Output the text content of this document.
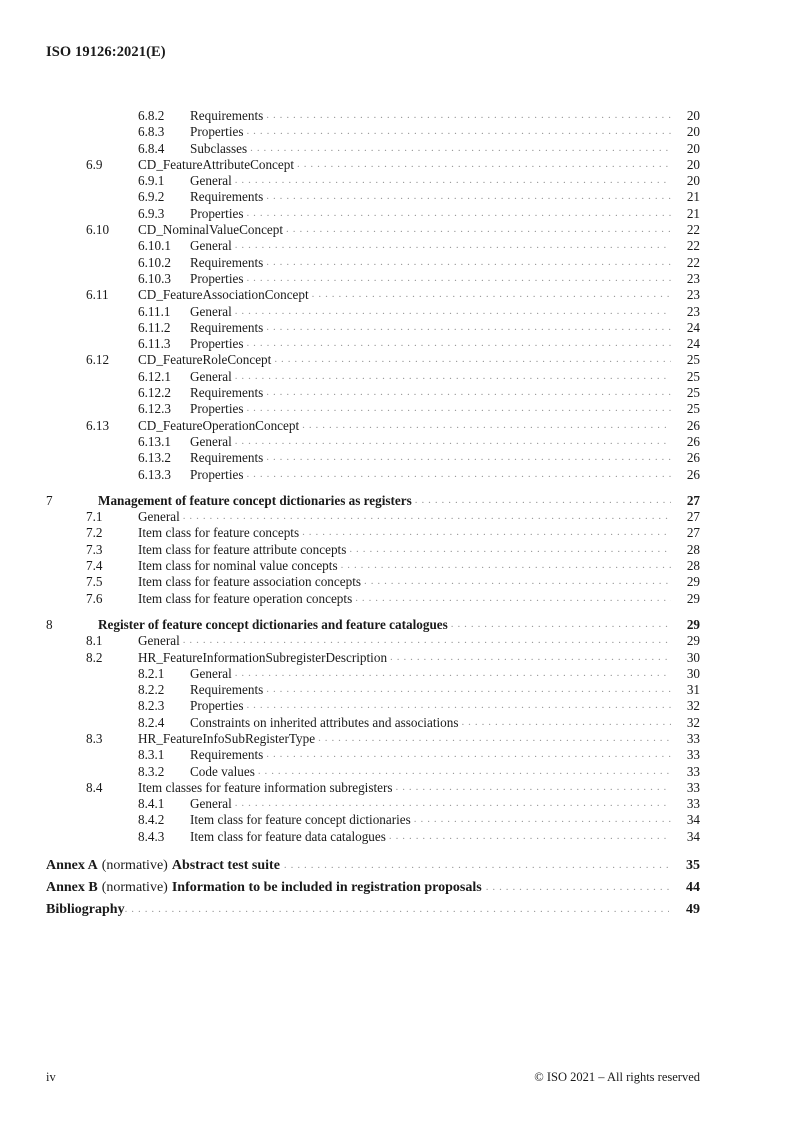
ISO 19126:2021(E)
6.8.2	Requirements . . .	20
6.8.3	Properties . . .	20
6.8.4	Subclasses . . .	20
6.9	CD_FeatureAttributeConcept . . .	20
6.9.1	General . . .	20
6.9.2	Requirements . . .	21
6.9.3	Properties . . .	21
6.10	CD_NominalValueConcept . . .	22
6.10.1	General . . .	22
6.10.2	Requirements . . .	22
6.10.3	Properties . . .	23
6.11	CD_FeatureAssociationConcept . . .	23
6.11.1	General . . .	23
6.11.2	Requirements . . .	24
6.11.3	Properties . . .	24
6.12	CD_FeatureRoleConcept . . .	25
6.12.1	General . . .	25
6.12.2	Requirements . . .	25
6.12.3	Properties . . .	25
6.13	CD_FeatureOperationConcept . . .	26
6.13.1	General . . .	26
6.13.2	Requirements . . .	26
6.13.3	Properties . . .	26
7	Management of feature concept dictionaries as registers . . .	27
7.1	General . . .	27
7.2	Item class for feature concepts . . .	27
7.3	Item class for feature attribute concepts . . .	28
7.4	Item class for nominal value concepts . . .	28
7.5	Item class for feature association concepts . . .	29
7.6	Item class for feature operation concepts . . .	29
8	Register of feature concept dictionaries and feature catalogues . . .	29
8.1	General . . .	29
8.2	HR_FeatureInformationSubregisterDescription . . .	30
8.2.1	General . . .	30
8.2.2	Requirements . . .	31
8.2.3	Properties . . .	32
8.2.4	Constraints on inherited attributes and associations . . .	32
8.3	HR_FeatureInfoSubRegisterType . . .	33
8.3.1	Requirements . . .	33
8.3.2	Code values . . .	33
8.4	Item classes for feature information subregisters . . .	33
8.4.1	General . . .	33
8.4.2	Item class for feature concept dictionaries . . .	34
8.4.3	Item class for feature data catalogues . . .	34
Annex A (normative) Abstract test suite . . .	35
Annex B (normative) Information to be included in registration proposals . . .	44
Bibliography . . .	49
iv	© ISO 2021 – All rights reserved
